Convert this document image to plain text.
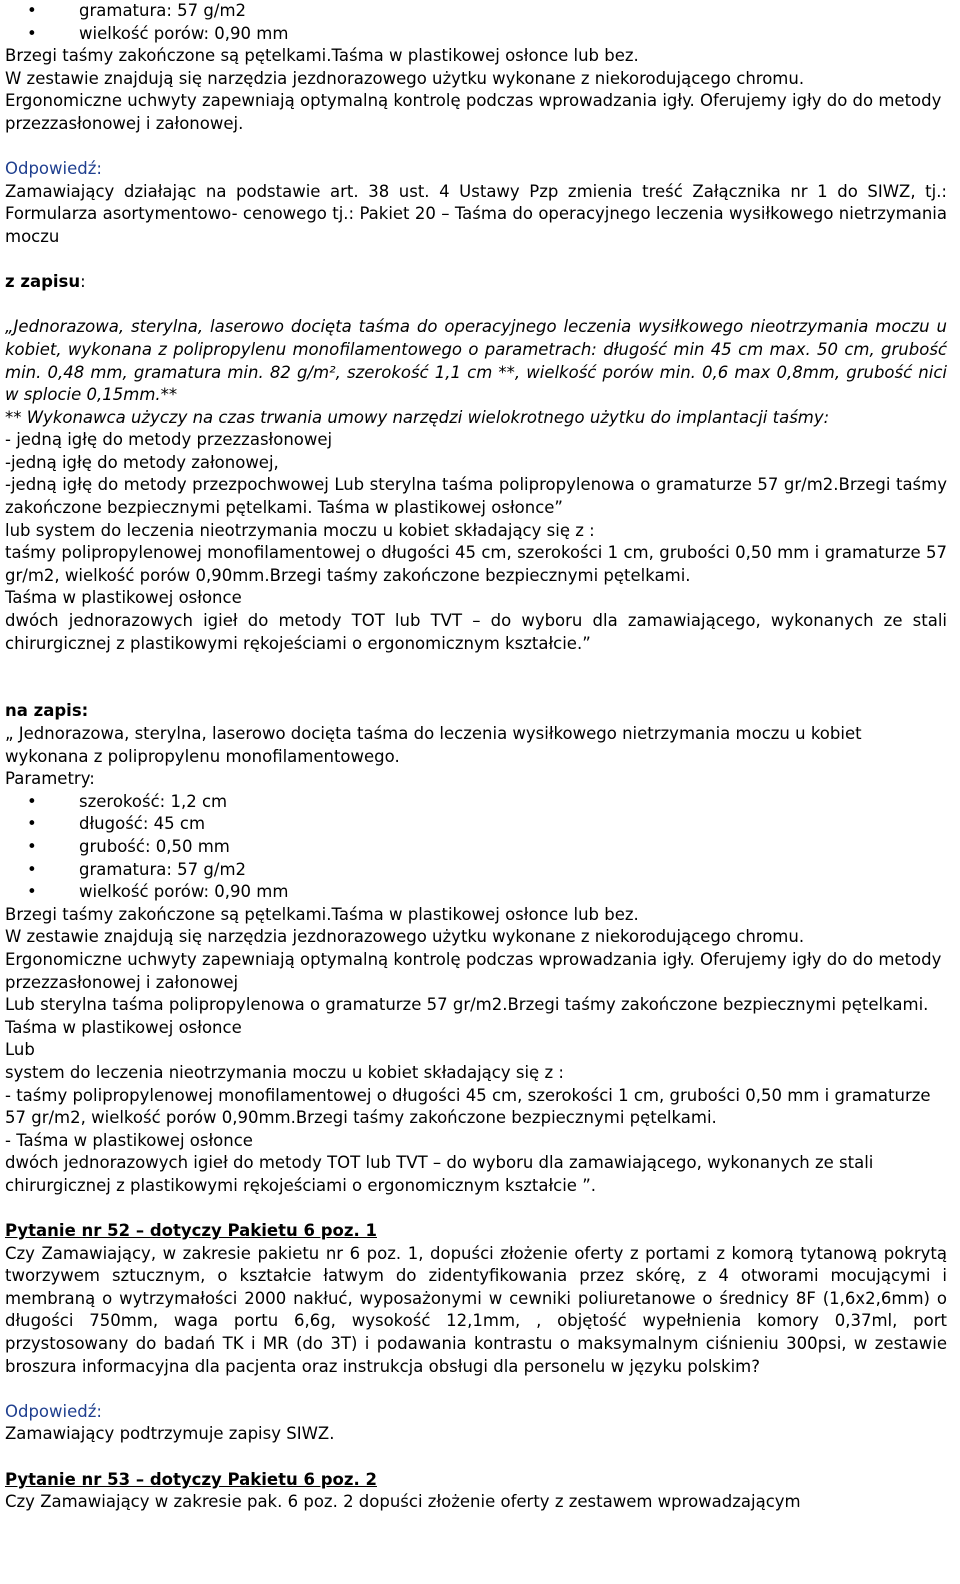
• gramatura: 57 g/m2
• wielkość porów: 0,90 mm

Brzegi taśmy zakończone są pętelkami.Taśma w plastikowej osłonce lub bez.

W zestawie znajdują się narzędzia jezdnorazowego użytku wykonane z niekorodującego chromu.

Ergonomiczne uchwyty zapewniają optymalną kontrolę podczas wprowadzania igły. Oferujemy igły do do metody przezzasłonowej i załonowej.

Odpowiedź:

Zamawiający działając na podstawie art. 38 ust. 4 Ustawy Pzp zmienia treść Załącznika nr 1 do SIWZ, tj.: Formularza asortymentowo- cenowego tj.: Pakiet 20 – Taśma do operacyjnego leczenia wysiłkowego nietrzymania moczu

z zapisu:

„Jednorazowa, sterylna, laserowo docięta taśma do operacyjnego leczenia wysiłkowego nieotrzymania moczu u kobiet, wykonana z polipropylenu monofilamentowego o parametrach: długość min 45 cm max. 50 cm, grubość min. 0,48 mm, gramatura min. 82 g/m², szerokość 1,1 cm **, wielkość porów min. 0,6 max 0,8mm, grubość nici w splocie 0,15mm.**

** Wykonawca użyczy na czas trwania umowy narzędzi wielokrotnego użytku do implantacji taśmy:

- jedną igłę do metody przezzasłonowej

-jedną igłę do metody załonowej,

-jedną igłę do metody przezpochwowej Lub sterylna taśma polipropylenowa o gramaturze 57 gr/m2.Brzegi taśmy zakończone bezpiecznymi pętelkami. Taśma w plastikowej osłonce”

lub system do leczenia nieotrzymania moczu u kobiet składający się z :

taśmy polipropylenowej monofilamentowej o długości 45 cm, szerokości 1 cm, grubości 0,50 mm i gramaturze 57 gr/m2, wielkość porów 0,90mm.Brzegi taśmy zakończone bezpiecznymi pętelkami.

Taśma w plastikowej osłonce

dwóch jednorazowych igieł do metody TOT lub TVT – do wyboru dla zamawiającego, wykonanych ze stali chirurgicznej z plastikowymi rękojeściami o ergonomicznym kształcie.”

na zapis:

„ Jednorazowa, sterylna, laserowo docięta taśma do leczenia wysiłkowego nietrzymania moczu u kobiet wykonana z polipropylenu monofilamentowego.

Parametry:

• szerokość: 1,2 cm
• długość: 45 cm
• grubość: 0,50 mm
• gramatura: 57 g/m2
• wielkość porów: 0,90 mm

Brzegi taśmy zakończone są pętelkami.Taśma w plastikowej osłonce lub bez.

W zestawie znajdują się narzędzia jezdnorazowego użytku wykonane z niekorodującego chromu.

Ergonomiczne uchwyty zapewniają optymalną kontrolę podczas wprowadzania igły. Oferujemy igły do do metody przezzasłonowej i załonowej

Lub sterylna taśma polipropylenowa o gramaturze 57 gr/m2.Brzegi taśmy zakończone bezpiecznymi pętelkami. Taśma w plastikowej osłonce

Lub

system do leczenia nieotrzymania moczu u kobiet składający się z :

- taśmy polipropylenowej monofilamentowej o długości 45 cm, szerokości 1 cm, grubości 0,50 mm i gramaturze 57 gr/m2, wielkość porów 0,90mm.Brzegi taśmy zakończone bezpiecznymi pętelkami.

- Taśma w plastikowej osłonce

dwóch jednorazowych igieł do metody TOT lub TVT – do wyboru dla zamawiającego, wykonanych ze stali chirurgicznej z plastikowymi rękojeściami o ergonomicznym kształcie ”.

Pytanie nr 52 – dotyczy Pakietu 6 poz. 1

Czy Zamawiający, w zakresie pakietu nr 6 poz. 1, dopuści złożenie oferty z portami z komorą tytanową pokrytą tworzywem sztucznym, o kształcie łatwym do zidentyfikowania przez skórę, z 4 otworami mocującymi i membraną o wytrzymałości 2000 nakłuć, wyposażonymi w cewniki poliuretanowe o średnicy 8F (1,6x2,6mm) o długości 750mm, waga portu 6,6g, wysokość 12,1mm, , objętość wypełnienia komory 0,37ml, port przystosowany do badań TK i MR (do 3T) i podawania kontrastu o maksymalnym ciśnieniu 300psi, w zestawie broszura informacyjna dla pacjenta oraz instrukcja obsługi dla personelu w języku polskim?

Odpowiedź:

Zamawiający podtrzymuje zapisy SIWZ.

Pytanie nr 53 – dotyczy Pakietu 6 poz. 2

Czy Zamawiający w zakresie pak. 6 poz. 2 dopuści złożenie oferty z zestawem wprowadzającym
